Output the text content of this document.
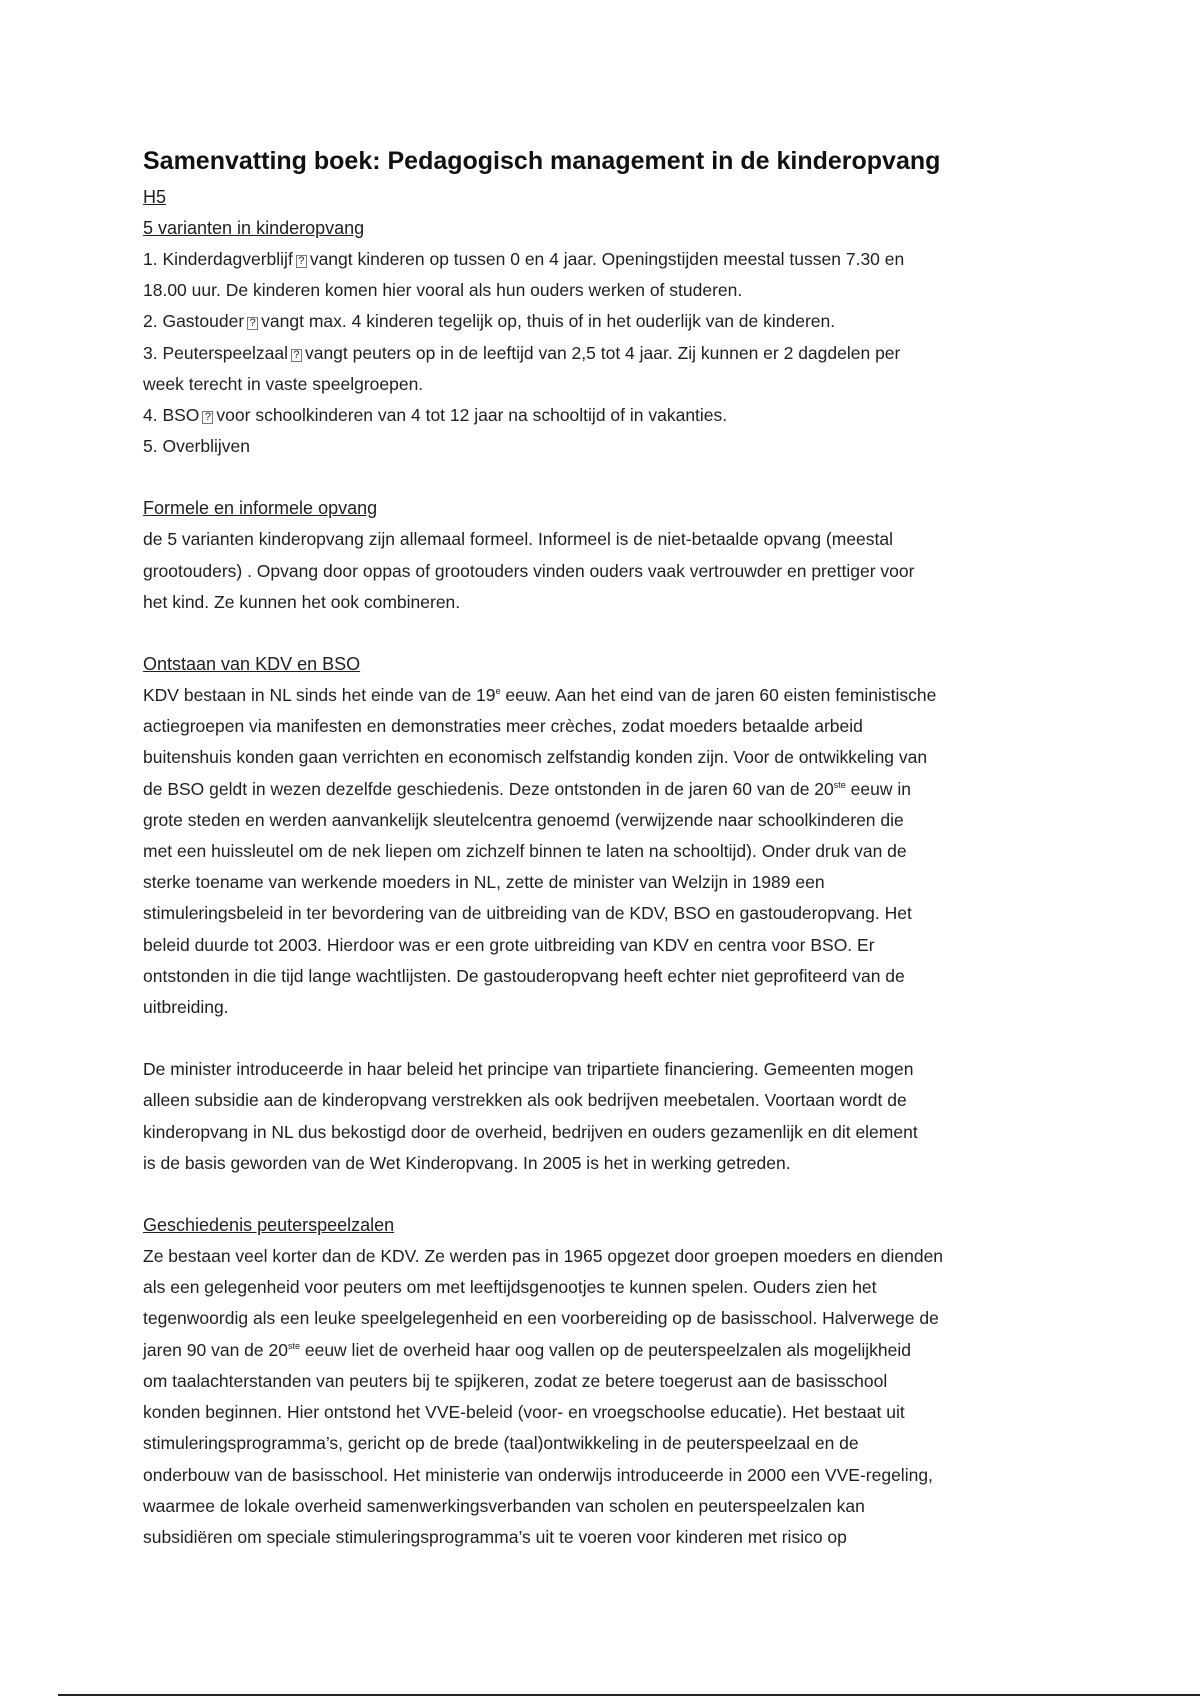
Samenvatting boek: Pedagogisch management in de kinderopvang
H5
5 varianten in kinderopvang
1. Kinderdagverblijf ? vangt kinderen op tussen 0 en 4 jaar. Openingstijden meestal tussen 7.30 en
18.00 uur. De kinderen komen hier vooral als hun ouders werken of studeren.
2. Gastouder ? vangt max. 4 kinderen tegelijk op, thuis of in het ouderlijk van de kinderen.
3. Peuterspeelzaal ? vangt peuters op in de leeftijd van 2,5 tot 4 jaar. Zij kunnen er 2 dagdelen per
week terecht in vaste speelgroepen.
4. BSO ? voor schoolkinderen van 4 tot 12 jaar na schooltijd of in vakanties.
5. Overblijven
Formele en informele opvang
de 5 varianten kinderopvang zijn allemaal formeel. Informeel is de niet-betaalde opvang (meestal
grootouders) . Opvang door oppas of grootouders vinden ouders vaak vertrouwder en prettiger voor
het kind. Ze kunnen het ook combineren.
Ontstaan van KDV en BSO
KDV bestaan in NL sinds het einde van de 19e eeuw. Aan het eind van de jaren 60 eisten feministische
actiegroepen via manifesten en demonstraties meer crèches, zodat moeders betaalde arbeid
buitenshuis konden gaan verrichten en economisch zelfstandig konden zijn. Voor de ontwikkeling van
de BSO geldt in wezen dezelfde geschiedenis. Deze ontstonden in de jaren 60 van de 20ste eeuw in
grote steden en werden aanvankelijk sleutelcentra genoemd (verwijzende naar schoolkinderen die
met een huissleutel om de nek liepen om zichzelf binnen te laten na schooltijd). Onder druk van de
sterke toename van werkende moeders in NL, zette de minister van Welzijn in 1989 een
stimuleringsbeleid in ter bevordering van de uitbreiding van de KDV, BSO en gastouderopvang. Het
beleid duurde tot 2003. Hierdoor was er een grote uitbreiding van KDV en centra voor BSO. Er
ontstonden in die tijd lange wachtlijsten. De gastouderopvang heeft echter niet geprofiteerd van de
uitbreiding.
De minister introduceerde in haar beleid het principe van tripartiete financiering. Gemeenten mogen
alleen subsidie aan de kinderopvang verstrekken als ook bedrijven meebetalen. Voortaan wordt de
kinderopvang in NL dus bekostigd door de overheid, bedrijven en ouders gezamenlijk en dit element
is de basis geworden van de Wet Kinderopvang. In 2005 is het in werking getreden.
Geschiedenis peuterspeelzalen
Ze bestaan veel korter dan de KDV. Ze werden pas in 1965 opgezet door groepen moeders en dienden
als een gelegenheid voor peuters om met leeftijdsgenootjes te kunnen spelen. Ouders zien het
tegenwoordig als een leuke speelgelegenheid en een voorbereiding op de basisschool. Halverwege de
jaren 90 van de 20ste eeuw liet de overheid haar oog vallen op de peuterspeelzalen als mogelijkheid
om taalachterstanden van peuters bij te spijkeren, zodat ze betere toegerust aan de basisschool
konden beginnen. Hier ontstond het VVE-beleid (voor- en vroegschoolse educatie). Het bestaat uit
stimuleringsprogramma’s, gericht op de brede (taal)ontwikkeling in de peuterspeelzaal en de
onderbouw van de basisschool. Het ministerie van onderwijs introduceerde in 2000 een VVE-regeling,
waarmee de lokale overheid samenwerkingsverbanden van scholen en peuterspeelzalen kan
subsidiëren om speciale stimuleringsprogramma’s uit te voeren voor kinderen met risico op
